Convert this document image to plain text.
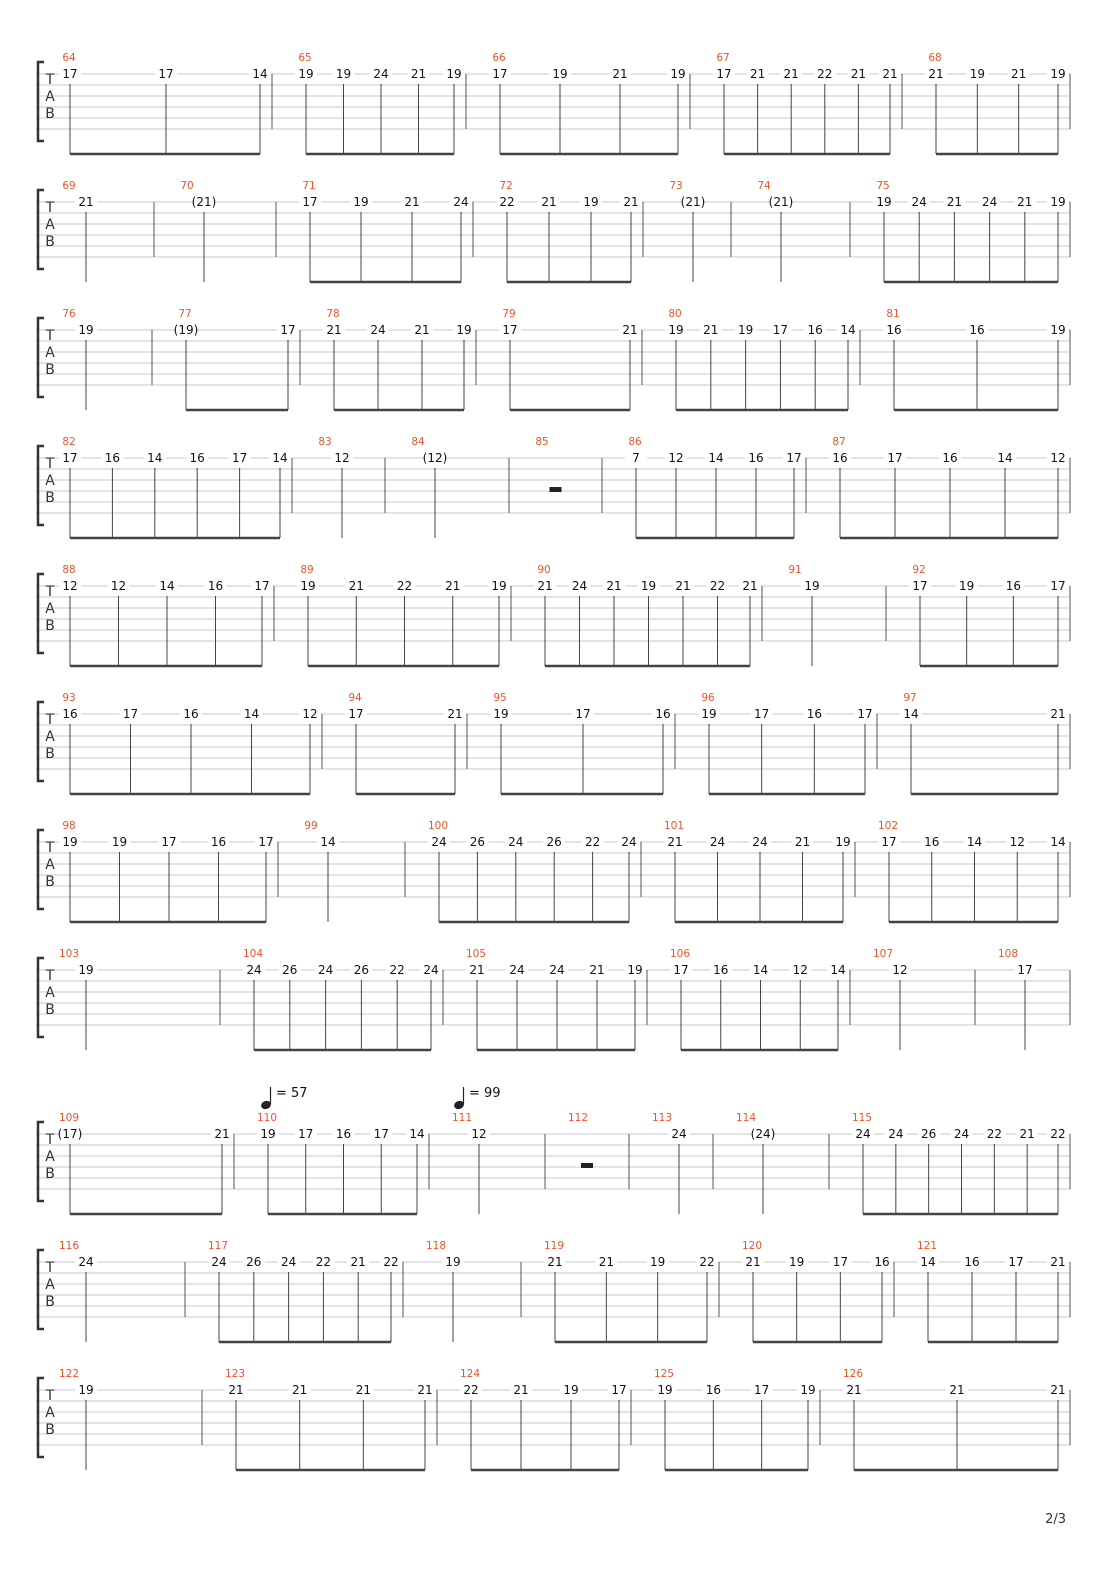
T
A
B
64
17	17	14
65
19 19 24 21 19
66
17	19	21	19
67
17 21 21 22 21 21
68
21 19 21 19
T
A
B
69
21
70
(21)
71
17	19	21	24
72
22 21 19 21
73
(21)
74
(21)
75
19 24 21 24 21 19
T
A
B
76
19
77
(19)	17
78
21 24 21 19
79
17	21
80
19 21 19 17 16 14
81
16	16	19
T
A
B
82
17 16 14 16 17 14
83
12
84
(12)
85	86
7 12 14 16 17
87
16	17	16	14	12
T
A
B
88
12	12	14	16	17
89
19	21	22	21	19
90
21 24 21 19 21 22 21
91
19
92
17	19	16 17
T
A
B
93
16	17	16	14	12
94
17	21
95
19	17	16
96
19	17	16	17
97
14	21
T
A
B
98
19	19	17	16	17
99
14
100
24 26 24 26 22 24
101
21 24 24 21 19
102
17 16 14 12 14
T
A
B
103
19
104
24 26 24 26 22 24
105
21 24 24 21 19
106
17 16 14 12 14
107
12
108
17
T
A
B
109
(17)	21
110
19 17 16 17 14
111
12
112	113
24
114
(24)
115
24 24 26 24 22 21 22
T
A
B
116
24
117
24 26 24 22 21 22
118
19
119
21	21	19	22
120
21 19 17 16
121
14 16 17 21
T
A
B
122
19
123
21	21	21	21
124
22	21	19	17
125
19	16	17	19
126
21	21	21
= 57	= 99
2/3
